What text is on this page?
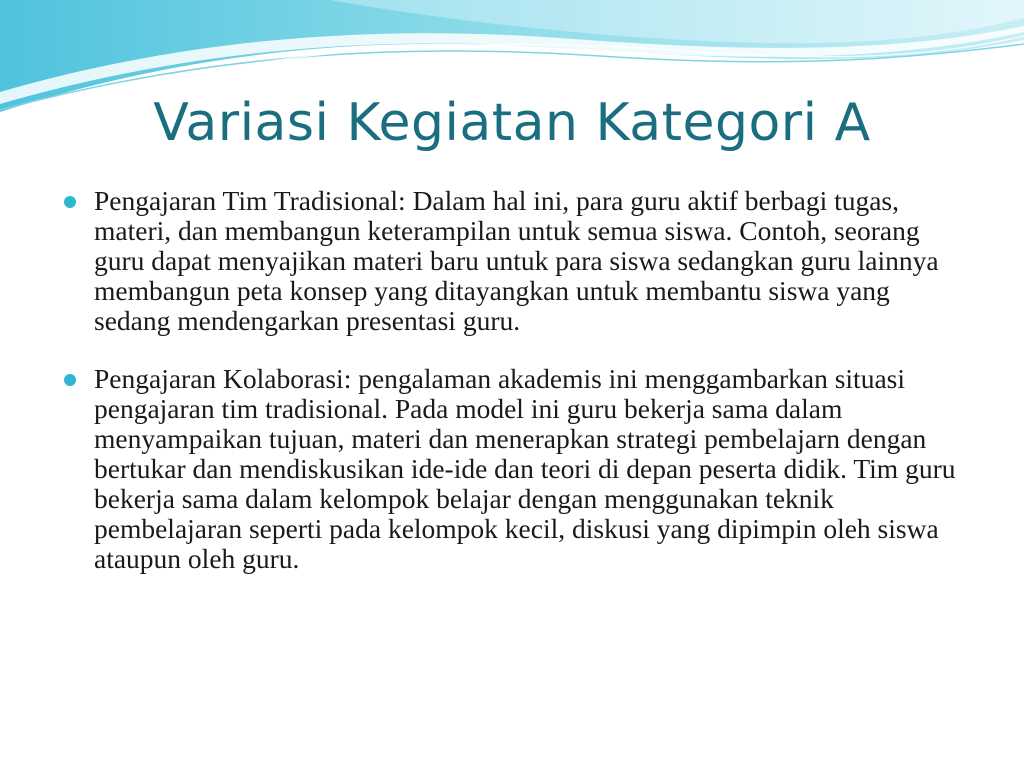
Variasi Kegiatan Kategori A
Pengajaran Tim Tradisional: Dalam hal ini, para guru aktif berbagi tugas, materi, dan membangun keterampilan untuk semua siswa. Contoh, seorang guru dapat menyajikan materi baru untuk para siswa sedangkan guru lainnya membangun peta konsep yang ditayangkan untuk membantu siswa yang sedang mendengarkan presentasi guru.
Pengajaran Kolaborasi: pengalaman akademis ini menggambarkan situasi pengajaran tim tradisional. Pada model ini guru bekerja sama dalam menyampaikan tujuan, materi dan menerapkan strategi pembelajarn dengan bertukar dan mendiskusikan ide-ide dan teori di depan peserta didik. Tim guru bekerja sama dalam kelompok belajar dengan menggunakan teknik pembelajaran seperti pada kelompok kecil, diskusi yang dipimpin oleh siswa ataupun oleh guru.
